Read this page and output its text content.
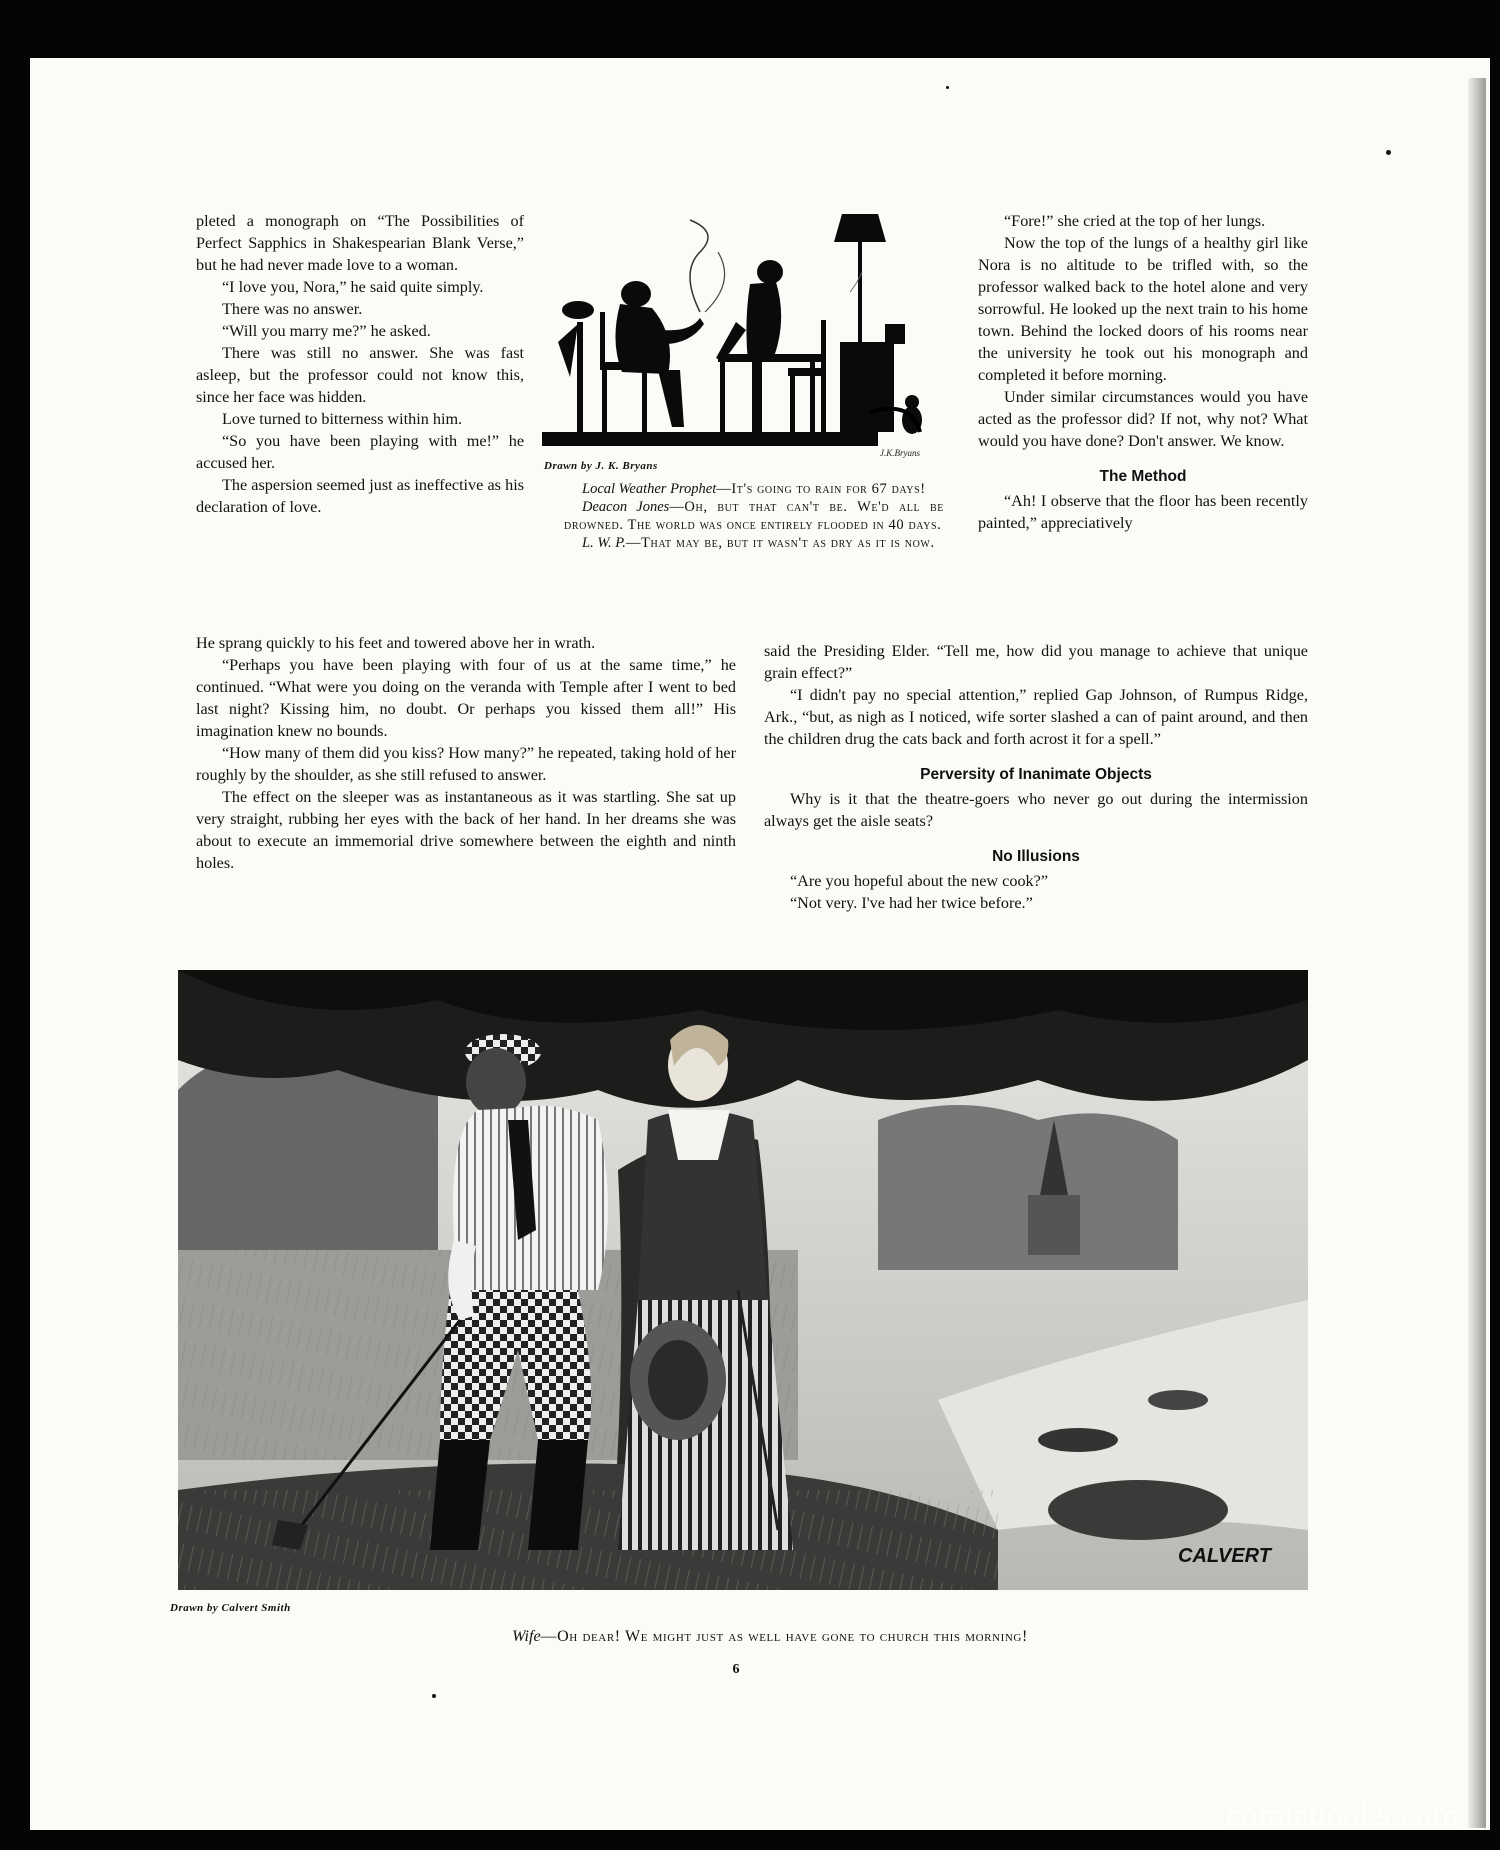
pleted a monograph on “The Possibilities of Perfect Sapphics in Shakespearian Blank Verse,” but he had never made love to a woman.

“I love you, Nora,” he said quite simply.

There was no answer.

“Will you marry me?” he asked.

There was still no answer. She was fast asleep, but the professor could not know this, since her face was hidden.

Love turned to bitterness within him.

“So you have been playing with me!” he accused her.

The aspersion seemed just as ineffective as his declaration of love.

He sprang quickly to his feet and towered above her in wrath.

“Perhaps you have been playing with four of us at the same time,” he continued. “What were you doing on the veranda with Temple after I went to bed last night? Kissing him, no doubt. Or perhaps you kissed them all!” His imagination knew no bounds.

“How many of them did you kiss? How many?” he repeated, taking hold of her roughly by the shoulder, as she still refused to answer.

The effect on the sleeper was as instantaneous as it was startling. She sat up very straight, rubbing her eyes with the back of her hand. In her dreams she was about to execute an immemorial drive somewhere between the eighth and ninth holes.

J.K.Bryans
Drawn by J. K. Bryans

Local Weather Prophet—It's going to rain for 67 days!

Deacon Jones—Oh, but that can't be. We'd all be drowned. The world was once entirely flooded in 40 days.

L. W. P.—That may be, but it wasn't as dry as it is now.

“Fore!” she cried at the top of her lungs.

Now the top of the lungs of a healthy girl like Nora is no altitude to be trifled with, so the professor walked back to the hotel alone and very sorrowful. He looked up the next train to his home town. Behind the locked doors of his rooms near the university he took out his monograph and completed it before morning.

Under similar circumstances would you have acted as the professor did? If not, why not? What would you have done? Don't answer. We know.

The Method

“Ah! I observe that the floor has been recently painted,” appreciatively

said the Presiding Elder. “Tell me, how did you manage to achieve that unique grain effect?”

“I didn't pay no special attention,” replied Gap Johnson, of Rumpus Ridge, Ark., “but, as nigh as I noticed, wife sorter slashed a can of paint around, and then the children drug the cats back and forth acrost it for a spell.”

Perversity of Inanimate Objects

Why is it that the theatre-goers who never go out during the intermission always get the aisle seats?

No Illusions

“Are you hopeful about the new cook?”

“Not very. I've had her twice before.”

CALVERT
Drawn by Calvert Smith
Wife—Oh dear! We might just as well have gone to church this morning!
6
comicbooks.com
